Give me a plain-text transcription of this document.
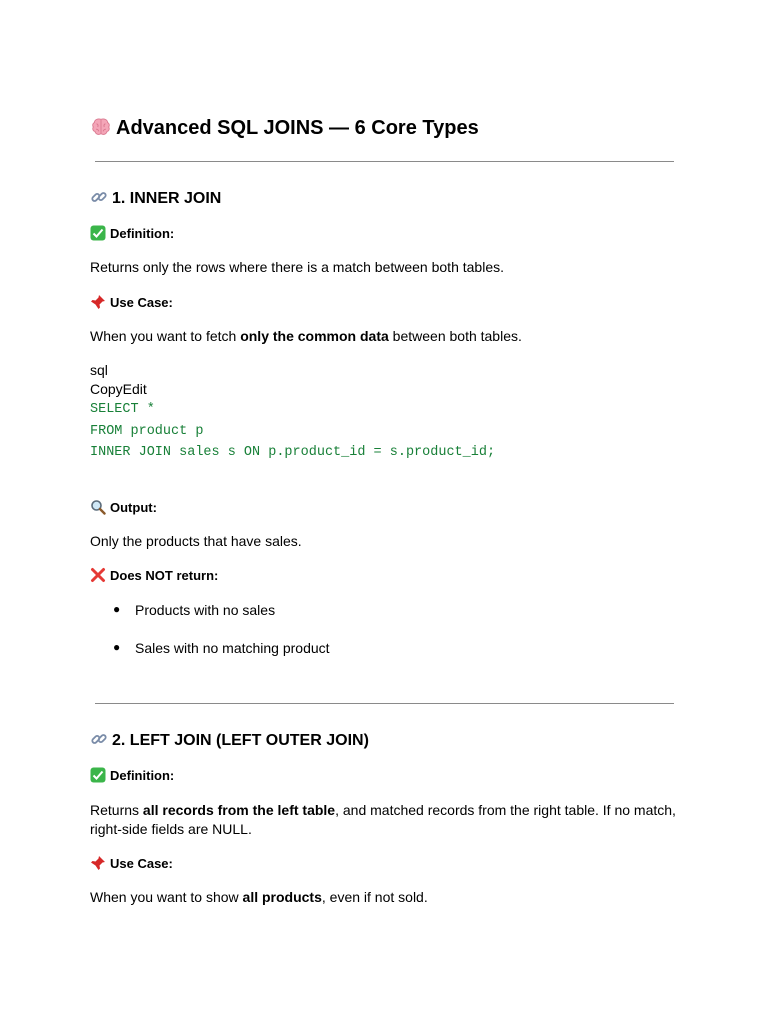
Advanced SQL JOINS — 6 Core Types
1. INNER JOIN
Definition:
Returns only the rows where there is a match between both tables.
Use Case:
When you want to fetch only the common data between both tables.
sql
CopyEdit
SELECT *
FROM product p
INNER JOIN sales s ON p.product_id = s.product_id;
Output:
Only the products that have sales.
Does NOT return:
● Products with no sales
● Sales with no matching product
2. LEFT JOIN (LEFT OUTER JOIN)
Definition:
Returns all records from the left table, and matched records from the right table. If no match,
right-side fields are NULL.
Use Case:
When you want to show all products, even if not sold.
